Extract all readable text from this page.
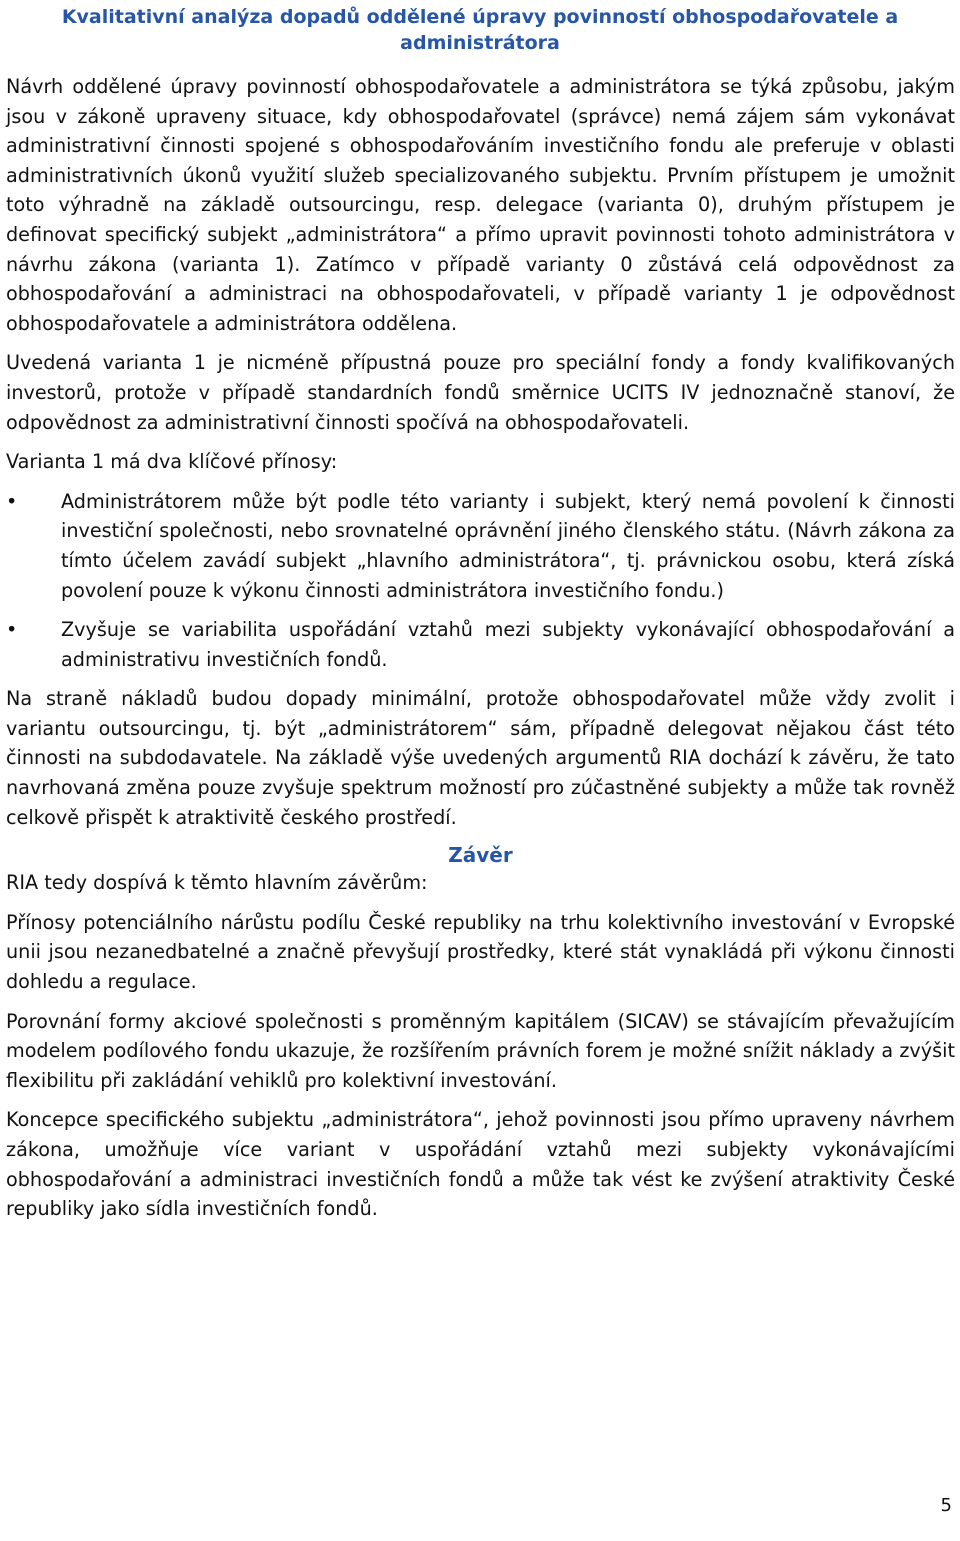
Kvalitativní analýza dopadů oddělené úpravy povinností obhospodařovatele a administrátora

Návrh oddělené úpravy povinností obhospodařovatele a administrátora se týká způsobu, jakým jsou v zákoně upraveny situace, kdy obhospodařovatel (správce) nemá zájem sám vykonávat administrativní činnosti spojené s obhospodařováním investičního fondu ale preferuje v oblasti administrativních úkonů využití služeb specializovaného subjektu. Prvním přístupem je umožnit toto výhradně na základě outsourcingu, resp. delegace (varianta 0), druhým přístupem je definovat specifický subjekt „administrátora“ a přímo upravit povinnosti tohoto administrátora v návrhu zákona (varianta 1). Zatímco v případě varianty 0 zůstává celá odpovědnost za obhospodařování a administraci na obhospodařovateli, v případě varianty 1 je odpovědnost obhospodařovatele a administrátora oddělena.

Uvedená varianta 1 je nicméně přípustná pouze pro speciální fondy a fondy kvalifikovaných investorů, protože v případě standardních fondů směrnice UCITS IV jednoznačně stanoví, že odpovědnost za administrativní činnosti spočívá na obhospodařovateli.

Varianta 1 má dva klíčové přínosy:

• Administrátorem může být podle této varianty i subjekt, který nemá povolení k činnosti investiční společnosti, nebo srovnatelné oprávnění jiného členského státu. (Návrh zákona za tímto účelem zavádí subjekt „hlavního administrátora“, tj. právnickou osobu, která získá povolení pouze k výkonu činnosti administrátora investičního fondu.)
• Zvyšuje se variabilita uspořádání vztahů mezi subjekty vykonávající obhospodařování a administrativu investičních fondů.

Na straně nákladů budou dopady minimální, protože obhospodařovatel může vždy zvolit i variantu outsourcingu, tj. být „administrátorem“ sám, případně delegovat nějakou část této činnosti na subdodavatele. Na základě výše uvedených argumentů RIA dochází k závěru, že tato navrhovaná změna pouze zvyšuje spektrum možností pro zúčastněné subjekty a může tak rovněž celkově přispět k atraktivitě českého prostředí.

Závěr

RIA tedy dospívá k těmto hlavním závěrům:

Přínosy potenciálního nárůstu podílu České republiky na trhu kolektivního investování v Evropské unii jsou nezanedbatelné a značně převyšují prostředky, které stát vynakládá při výkonu činnosti dohledu a regulace.

Porovnání formy akciové společnosti s proměnným kapitálem (SICAV) se stávajícím převažujícím modelem podílového fondu ukazuje, že rozšířením právních forem je možné snížit náklady a zvýšit flexibilitu při zakládání vehiklů pro kolektivní investování.

Koncepce specifického subjektu „administrátora“, jehož povinnosti jsou přímo upraveny návrhem zákona, umožňuje více variant v uspořádání vztahů mezi subjekty vykonávajícími obhospodařování a administraci investičních fondů a může tak vést ke zvýšení atraktivity České republiky jako sídla investičních fondů.

5
